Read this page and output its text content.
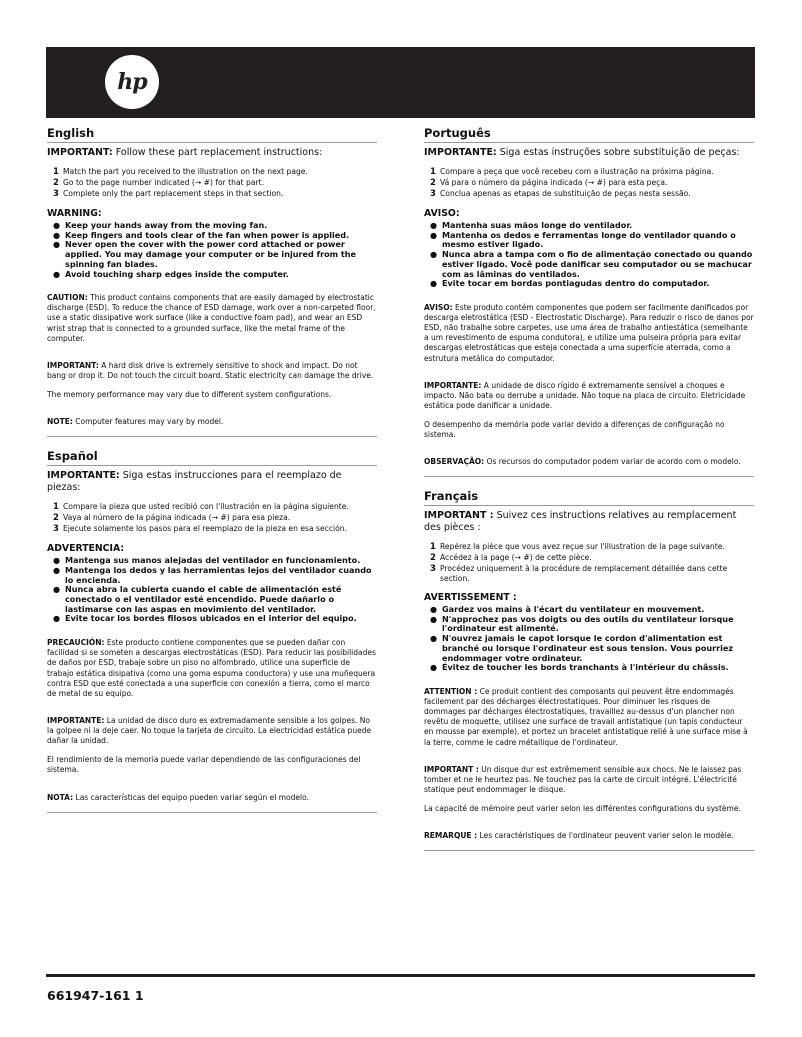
hp
English
IMPORTANT: Follow these part replacement instructions:
1 Match the part you received to the illustration on the next page.
2 Go to the page number indicated (→ #) for that part.
3 Complete only the part replacement steps in that section.
WARNING:
● Keep your hands away from the moving fan.
● Keep fingers and tools clear of the fan when power is applied.
● Never open the cover with the power cord attached or power applied. You may damage your computer or be injured from the spinning fan blades.
● Avoid touching sharp edges inside the computer.

CAUTION: This product contains components that are easily damaged by electrostatic discharge (ESD). To reduce the chance of ESD damage, work over a non-carpeted floor, use a static dissipative work surface (like a conductive foam pad), and wear an ESD wrist strap that is connected to a grounded surface, like the metal frame of the computer.

IMPORTANT: A hard disk drive is extremely sensitive to shock and impact. Do not bang or drop it. Do not touch the circuit board. Static electricity can damage the drive.

The memory performance may vary due to different system configurations.

NOTE: Computer features may vary by model.

Español
IMPORTANTE: Siga estas instrucciones para el reemplazo de piezas:
1 Compare la pieza que usted recibió con l'ilustración en la página siguiente.
2 Vaya al número de la página indicada (→ #) para esa pieza.
3 Ejecute solamente los pasos para el reemplazo de la pieza en esa sección.
ADVERTENCIA:
● Mantenga sus manos alejadas del ventilador en funcionamiento.
● Mantenga los dedos y las herramientas lejos del ventilador cuando lo encienda.
● Nunca abra la cubierta cuando el cable de alimentación esté conectado o el ventilador esté encendido. Puede dañarlo o lastimarse con las aspas en movimiento del ventilador.
● Evite tocar los bordes filosos ubicados en el interior del equipo.

PRECAUCIÓN: Este producto contiene componentes que se pueden dañar con facilidad si se someten a descargas electrostáticas (ESD). Para reducir las posibilidades de daños por ESD, trabaje sobre un piso no alfombrado, utilice una superficie de trabajo estática disipativa (como una goma espuma conductora) y use una muñequera contra ESD que esté conectada a una superficie con conexión a tierra, como el marco de metal de su equipo.

IMPORTANTE: La unidad de disco duro es extremadamente sensible a los golpes. No la golpee ni la deje caer. No toque la tarjeta de circuito. La electricidad estática puede dañar la unidad.

El rendimiento de la memoria puede variar dependiendo de las configuraciones del sistema.

NOTA: Las características del equipo pueden variar según el modelo.

Português
IMPORTANTE: Siga estas instruções sobre substituição de peças:
1 Compare a peça que você recebeu com a ilustração na próxima página.
2 Vá para o número da página indicada (→ #) para esta peça.
3 Conclua apenas as etapas de substituição de peças nesta sessão.
AVISO:
● Mantenha suas mãos longe do ventilador.
● Mantenha os dedos e ferramentas longe do ventilador quando o mesmo estiver ligado.
● Nunca abra a tampa com o fio de alimentação conectado ou quando estiver ligado. Você pode danificar seu computador ou se machucar com as lâminas do ventilados.
● Evite tocar em bordas pontiagudas dentro do computador.

AVISO: Este produto contém componentes que podem ser facilmente danificados por descarga eletrostática (ESD - Electrostatic Discharge). Para reduzir o risco de danos por ESD, não trabalhe sobre carpetes, use uma área de trabalho antiestática (semelhante a um revestimento de espuma condutora), e utilize uma pulseira própria para evitar descargas eletrostáticas que esteja conectada a uma superfície aterrada, como a estrutura metálica do computador.

IMPORTANTE: A unidade de disco rígido é extremamente sensível a choques e impacto. Não bata ou derrube a unidade. Não toque na placa de circuito. Eletricidade estática pode danificar a unidade.

O desempenho da memória pode variar devido a diferenças de configuração no sistema.

OBSERVAÇÃO: Os recursos do computador podem variar de acordo com o modelo.

Français
IMPORTANT : Suivez ces instructions relatives au remplacement des pièces :
1 Repérez la pièce que vous avez reçue sur l'illustration de la page suivante.
2 Accédez à la page (→ #) de cette pièce.
3 Procédez uniquement à la procédure de remplacement détaillée dans cette section.
AVERTISSEMENT :
● Gardez vos mains à l'écart du ventilateur en mouvement.
● N'approchez pas vos doigts ou des outils du ventilateur lorsque l'ordinateur est alimenté.
● N'ouvrez jamais le capot lorsque le cordon d'alimentation est branché ou lorsque l'ordinateur est sous tension. Vous pourriez endommager votre ordinateur.
● Évitez de toucher les bords tranchants à l'intérieur du châssis.

ATTENTION : Ce produit contient des composants qui peuvent être endommagés facilement par des décharges électrostatiques. Pour diminuer les risques de dommages par décharges électrostatiques, travaillez au-dessus d'un plancher non revêtu de moquette, utilisez une surface de travail antistatique (un tapis conducteur en mousse par exemple), et portez un bracelet antistatique relié à une surface mise à la terre, comme le cadre métallique de l'ordinateur.

IMPORTANT : Un disque dur est extrêmement sensible aux chocs. Ne le laissez pas tomber et ne le heurtez pas. Ne touchez pas la carte de circuit intégré. L'électricité statique peut endommager le disque.

La capacité de mémoire peut varier selon les différentes configurations du système.

REMARQUE : Les caractéristiques de l'ordinateur peuvent varier selon le modèle.

661947-161 1
